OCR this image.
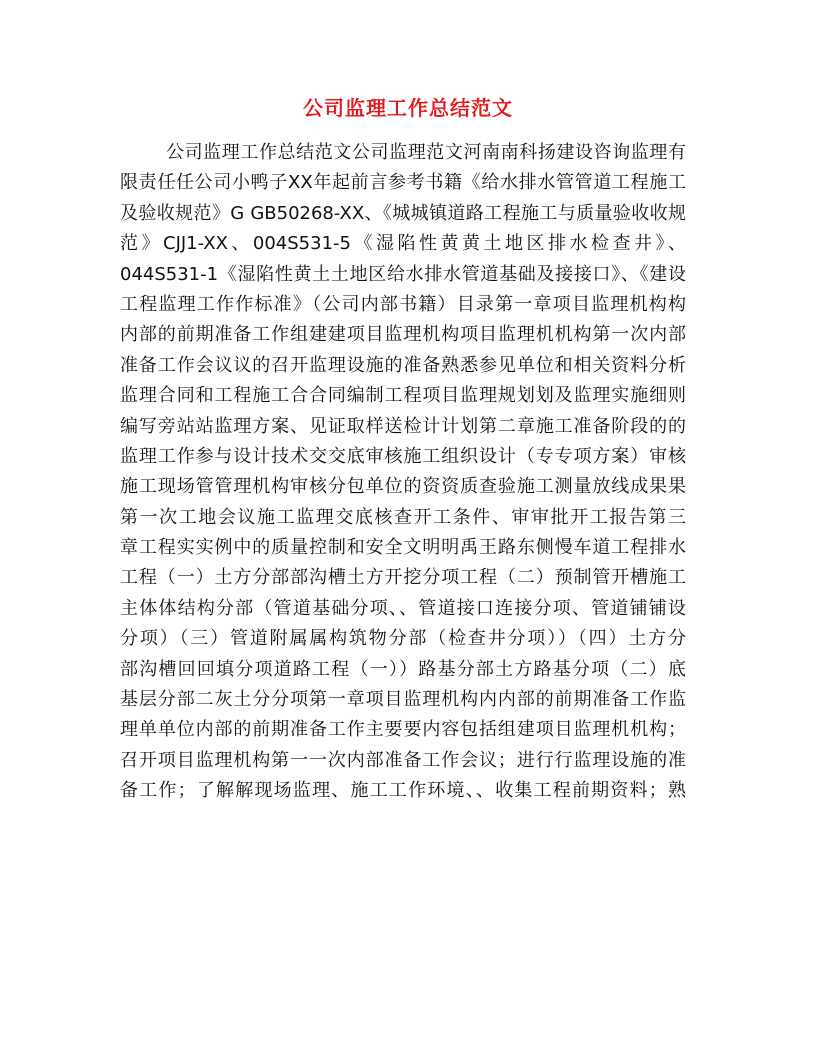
公司监理工作总结范文
公司监理工作总结范文公司监理范文河南南科扬建设咨询监理有
限责任任公司小鸭子XX年起前言参考书籍《给水排水管管道工程施工
及验收规范》G GB50268-XX、《城城镇道路工程施工与质量验收收规
范》CJJ1-XX、004S531-5《湿陷性黄黄土地区排水检查井》、
044S531-1《湿陷性黄土土地区给水排水管道基础及接接口》、《建设
工程监理工作作标准》（公司内部书籍）目录第一章项目监理机构构
内部的前期准备工作组建建项目监理机构项目监理机机构第一次内部
准备工作会议议的召开监理设施的准备熟悉参见单位和相关资料分析
监理合同和工程施工合合同编制工程项目监理规划划及监理实施细则
编写旁站站监理方案、见证取样送检计计划第二章施工准备阶段的的
监理工作参与设计技术交交底审核施工组织设计（专专项方案）审核
施工现场管管理机构审核分包单位的资资质查验施工测量放线成果果
第一次工地会议施工监理交底核查开工条件、审审批开工报告第三
章工程实实例中的质量控制和安全文明明禹王路东侧慢车道工程排水
工程（一）土方分部部沟槽土方开挖分项工程（二）预制管开槽施工
主体体结构分部（管道基础分项、、管道接口连接分项、管道铺铺设
分项）（三）管道附属属构筑物分部（检查井分项））（四）土方分
部沟槽回回填分项道路工程（一））路基分部土方路基分项（二）底
基层分部二灰土分分项第一章项目监理机构内内部的前期准备工作监
理单单位内部的前期准备工作主要要内容包括组建项目监理机机构；
召开项目监理机构第一一次内部准备工作会议；进行行监理设施的准
备工作；了解解现场监理、施工工作环境、、收集工程前期资料；熟
